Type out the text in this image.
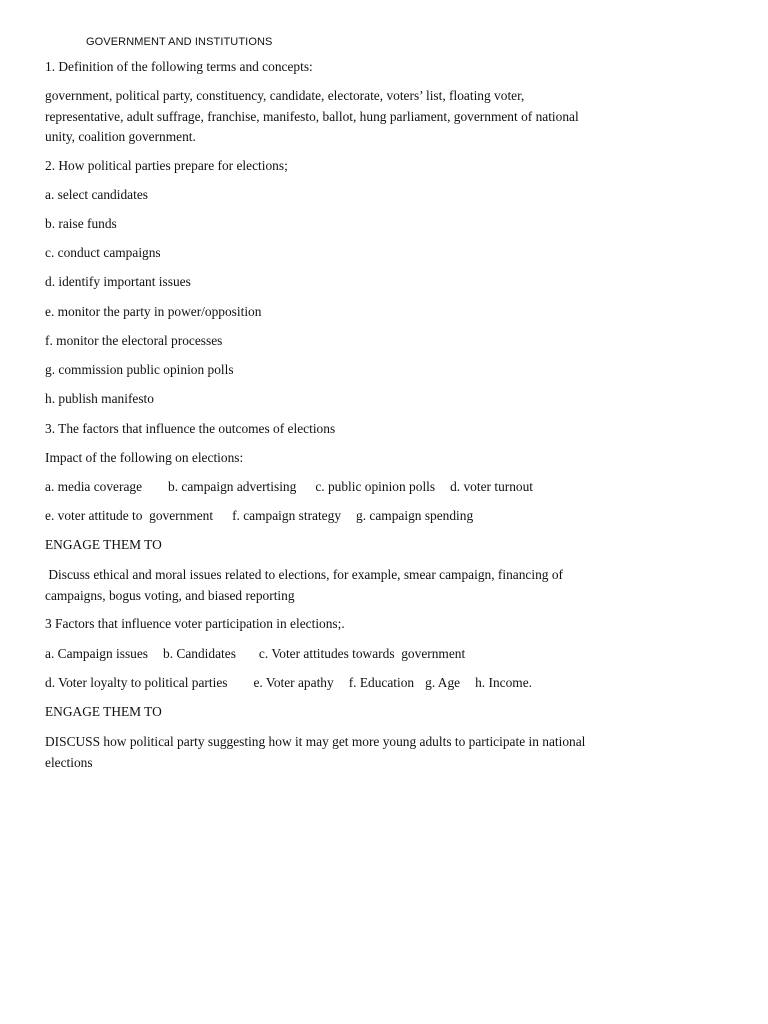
GOVERNMENT AND INSTITUTIONS
1. Definition of the following terms and concepts:
government, political party, constituency, candidate, electorate, voters’ list, floating voter,
representative, adult suffrage, franchise, manifesto, ballot, hung parliament, government of national
unity, coalition government.
2. How political parties prepare for elections;
a. select candidates
b. raise funds
c. conduct campaigns
d. identify important issues
e. monitor the party in power/opposition
f. monitor the electoral processes
g. commission public opinion polls
h. publish manifesto
3. The factors that influence the outcomes of elections
Impact of the following on elections:
a. media coverage b. campaign advertising c. public opinion polls d. voter turnout
e. voter attitude to  government f. campaign strategy g. campaign spending
ENGAGE THEM TO
Discuss ethical and moral issues related to elections, for example, smear campaign, financing of
campaigns, bogus voting, and biased reporting
3 Factors that influence voter participation in elections;.
a. Campaign issues b. Candidates c. Voter attitudes towards  government
d. Voter loyalty to political parties e. Voter apathy f. Education g. Age h. Income.
ENGAGE THEM TO
DISCUSS how political party suggesting how it may get more young adults to participate in national
elections
